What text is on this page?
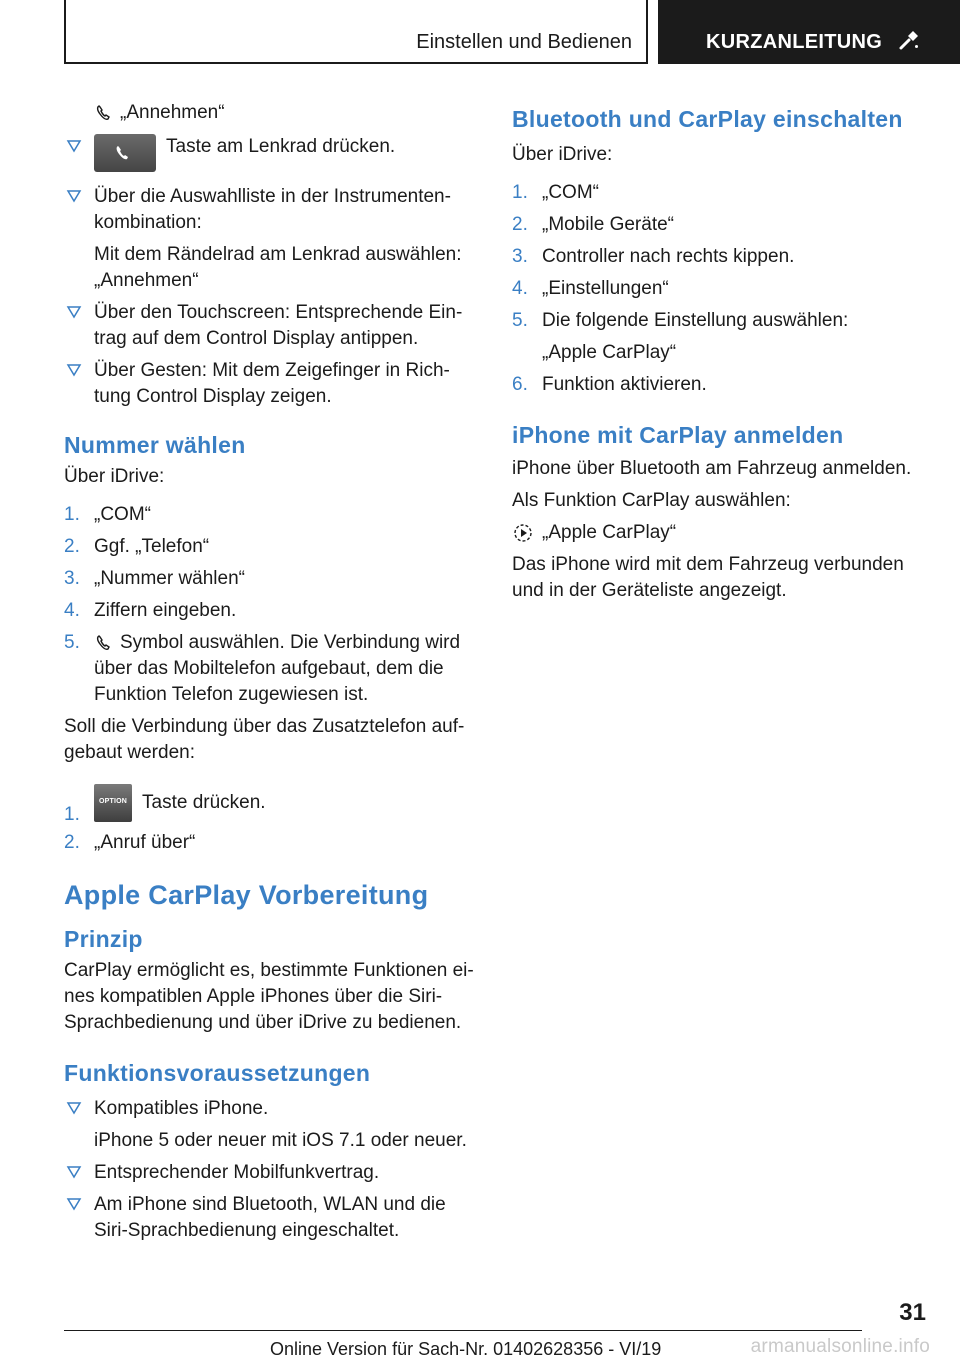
Einstellen und Bedienen	KURZANLEITUNG
„Annehmen“
Taste am Lenkrad drücken.
Über die Auswahlliste in der Instrumentenkombination:
Mit dem Rändelrad am Lenkrad auswählen: „Annehmen“
Über den Touchscreen: Entsprechende Eintrag auf dem Control Display antippen.
Über Gesten: Mit dem Zeigefinger in Richtung Control Display zeigen.
Nummer wählen
Über iDrive:
1. „COM“
2. Ggf. „Telefon“
3. „Nummer wählen“
4. Ziffern eingeben.
5. Symbol auswählen. Die Verbindung wird über das Mobiltelefon aufgebaut, dem die Funktion Telefon zugewiesen ist.
Soll die Verbindung über das Zusatztelefon aufgebaut werden:
1.
OPTION Taste drücken.
2. „Anruf über“
Apple CarPlay Vorbereitung
Prinzip
CarPlay ermöglicht es, bestimmte Funktionen eines kompatiblen Apple iPhones über die Siri-Sprachbedienung und über iDrive zu bedienen.
Funktionsvoraussetzungen
Kompatibles iPhone.
iPhone 5 oder neuer mit iOS 7.1 oder neuer.
Entsprechender Mobilfunkvertrag.
Am iPhone sind Bluetooth, WLAN und die Siri-Sprachbedienung eingeschaltet.
Bluetooth und CarPlay einschalten
Über iDrive:
1. „COM“
2. „Mobile Geräte“
3. Controller nach rechts kippen.
4. „Einstellungen“
5. Die folgende Einstellung auswählen:
„Apple CarPlay“
6. Funktion aktivieren.
iPhone mit CarPlay anmelden
iPhone über Bluetooth am Fahrzeug anmelden.
Als Funktion CarPlay auswählen:
„Apple CarPlay“
Das iPhone wird mit dem Fahrzeug verbunden und in der Geräteliste angezeigt.
31
Online Version für Sach-Nr. 01402628356 - VI/19	armanualsonline.info
